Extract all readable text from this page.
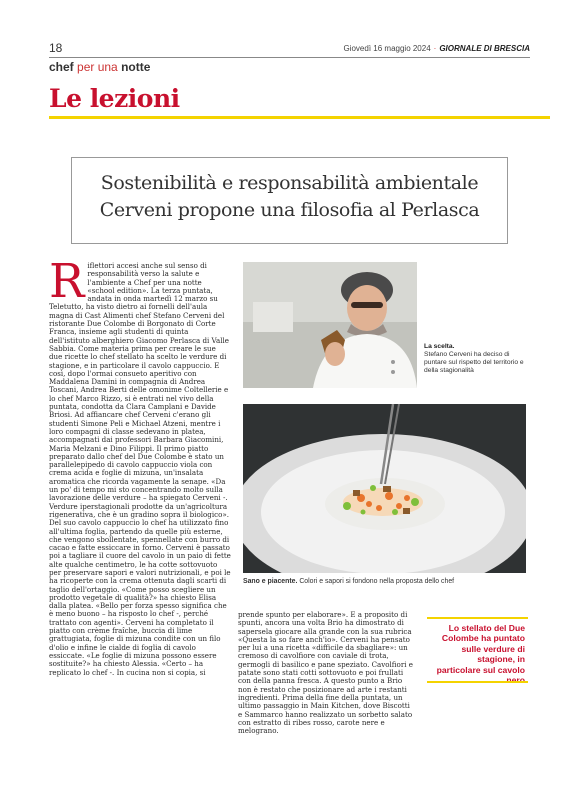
18	Giovedì 16 maggio 2024 · GIORNALE DI BRESCIA
chef per una notte
Le lezioni
Sostenibilità e responsabilità ambientale
Cerveni propone una filosofia al Perlasca
Riflettori accesi anche sul senso di responsabilità verso la salute e l'ambiente a Chef per una notte «school edition». La terza puntata, andata in onda martedì 12 marzo su Teletutto, ha visto dietro ai fornelli dell'aula magna di Cast Alimenti chef Stefano Cerveni del ristorante Due Colombe di Borgonato di Corte Franca, insieme agli studenti di quinta dell'istituto alberghiero Giacomo Perlasca di Valle Sabbia. Come materia prima per creare le sue due ricette lo chef stellato ha scelto le verdure di stagione, e in particolare il cavolo cappuccio. E così, dopo l'ormai consueto aperitivo con Maddalena Damini in compagnia di Andrea Toscani, Andrea Berti delle omonime Coltellerie e lo chef Marco Rizzo, si è entrati nel vivo della puntata, condotta da Clara Camplani e Davide Briosi. Ad affiancare chef Cerveni c'erano gli studenti Simone Peli e Michael Atzeni, mentre i loro compagni di classe sedevano in platea, accompagnati dai professori Barbara Giacomini, Maria Melzani e Dino Filippi. Il primo piatto preparato dallo chef del Due Colombe è stato un parallelepipedo di cavolo cappuccio viola con crema acida e foglie di mizuna, un'insalata aromatica che ricorda vagamente la senape. «Da un po' di tempo mi sto concentrando molto sulla lavorazione delle verdure – ha spiegato Cerveni -. Verdure iperstagionali prodotte da un'agricoltura rigenerativa, che è un gradino sopra il biologico». Del suo cavolo cappuccio lo chef ha utilizzato fino all'ultima foglia, partendo da quelle più esterne, che vengono sbollentate, spennellate con burro di cacao e fatte essiccare in forno. Cerveni è passato poi a tagliare il cuore del cavolo in un paio di fette alte qualche centimetro, le ha cotte sottovuoto per preservare sapori e valori nutrizionali, e poi le ha ricoperte con la crema ottenuta dagli scarti di taglio dell'ortaggio. «Come posso scegliere un prodotto vegetale di qualità?» ha chiesto Elisa dalla platea. «Bello per forza spesso significa che è meno buono – ha risposto lo chef -, perché trattato con agenti». Cerveni ha completato il piatto con crème fraîche, buccia di lime grattugiata, foglie di mizuna condite con un filo d'olio e infine le cialde di foglia di cavolo essiccate. «Le foglie di mizuna possono essere sostituite?» ha chiesto Alessia. «Certo – ha replicato lo chef -. In cucina non si copia, si
La scelta.
Stefano Cerveni ha deciso di puntare sul rispetto del territorio e della stagionalità
Sano e piacente. Colori e sapori si fondono nella proposta dello chef
prende spunto per elaborare». E a proposito di spunti, ancora una volta Brio ha dimostrato di sapersela giocare alla grande con la sua rubrica «Questa la so fare anch'io». Cerveni ha pensato per lui a una ricetta «difficile da sbagliare»: un cremoso di cavolfiore con caviale di trota, germogli di basilico e pane speziato. Cavolfiori e patate sono stati cotti sottovuoto e poi frullati con della panna fresca. A questo punto a Brio non è restato che posizionare ad arte i restanti ingredienti. Prima della fine della puntata, un ultimo passaggio in Main Kitchen, dove Biscotti e Sammarco hanno realizzato un sorbetto salato con estratto di ribes rosso, carote nere e melograno.
Lo stellato del Due Colombe ha puntato sulle verdure di stagione, in particolare sul cavolo
